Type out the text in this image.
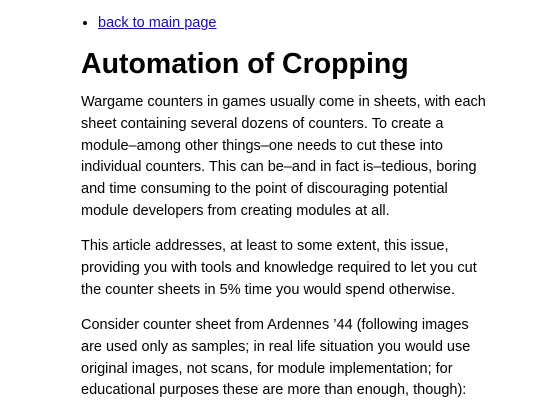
• back to main page
Automation of Cropping

Wargame counters in games usually come in sheets, with each
sheet containing several dozens of counters. To create a
module–among other things–one needs to cut these into
individual counters. This can be–and in fact is–tedious, boring
and time consuming to the point of discouraging potential
module developers from creating modules at all.

This article addresses, at least to some extent, this issue,
providing you with tools and knowledge required to let you cut
the counter sheets in 5% time you would spend otherwise.

Consider counter sheet from Ardennes ’44 (following images
are used only as samples; in real life situation you would use
original images, not scans, for module implementation; for
educational purposes these are more than enough, though):
